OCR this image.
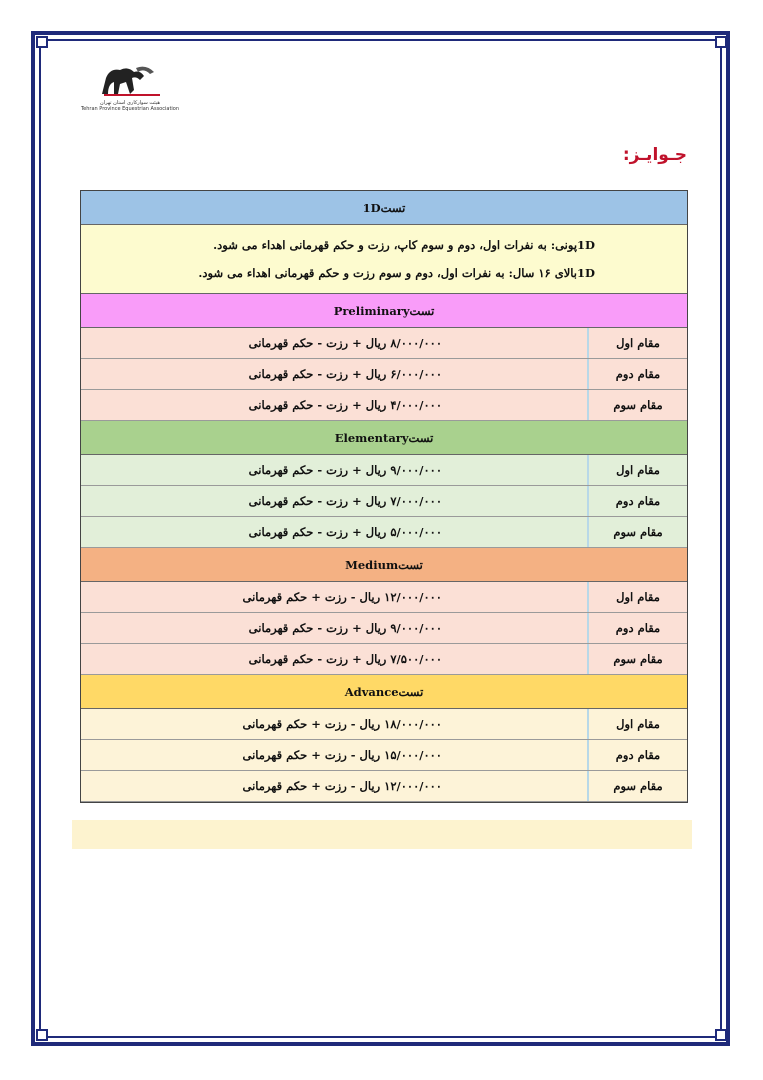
هیئت سوارکاری استان تهران
Tehran Province Equestrian Association
جـوایـز:
تست
1D
1D
پونی: به نفرات اول، دوم و سوم کاپ، رزت و حکم قهرمانی اهداء می شود.
1D
بالای ۱۶ سال: به نفرات اول، دوم و سوم رزت و حکم قهرمانی اهداء می شود.
تست
Preliminary
مقام اول
۸/۰۰۰/۰۰۰ ریال + رزت - حکم قهرمانی
مقام دوم
۶/۰۰۰/۰۰۰ ریال + رزت - حکم قهرمانی
مقام سوم
۴/۰۰۰/۰۰۰ ریال + رزت - حکم قهرمانی
تست
Elementary
مقام اول
۹/۰۰۰/۰۰۰ ریال + رزت - حکم قهرمانی
مقام دوم
۷/۰۰۰/۰۰۰ ریال + رزت - حکم قهرمانی
مقام سوم
۵/۰۰۰/۰۰۰ ریال + رزت - حکم قهرمانی
تست
Medium
مقام اول
۱۲/۰۰۰/۰۰۰ ریال - رزت + حکم قهرمانی
مقام دوم
۹/۰۰۰/۰۰۰ ریال + رزت - حکم قهرمانی
مقام سوم
۷/۵۰۰/۰۰۰ ریال + رزت - حکم قهرمانی
تست
Advance
مقام اول
۱۸/۰۰۰/۰۰۰ ریال - رزت + حکم قهرمانی
مقام دوم
۱۵/۰۰۰/۰۰۰ ریال - رزت + حکم قهرمانی
مقام سوم
۱۲/۰۰۰/۰۰۰ ریال - رزت + حکم قهرمانی
